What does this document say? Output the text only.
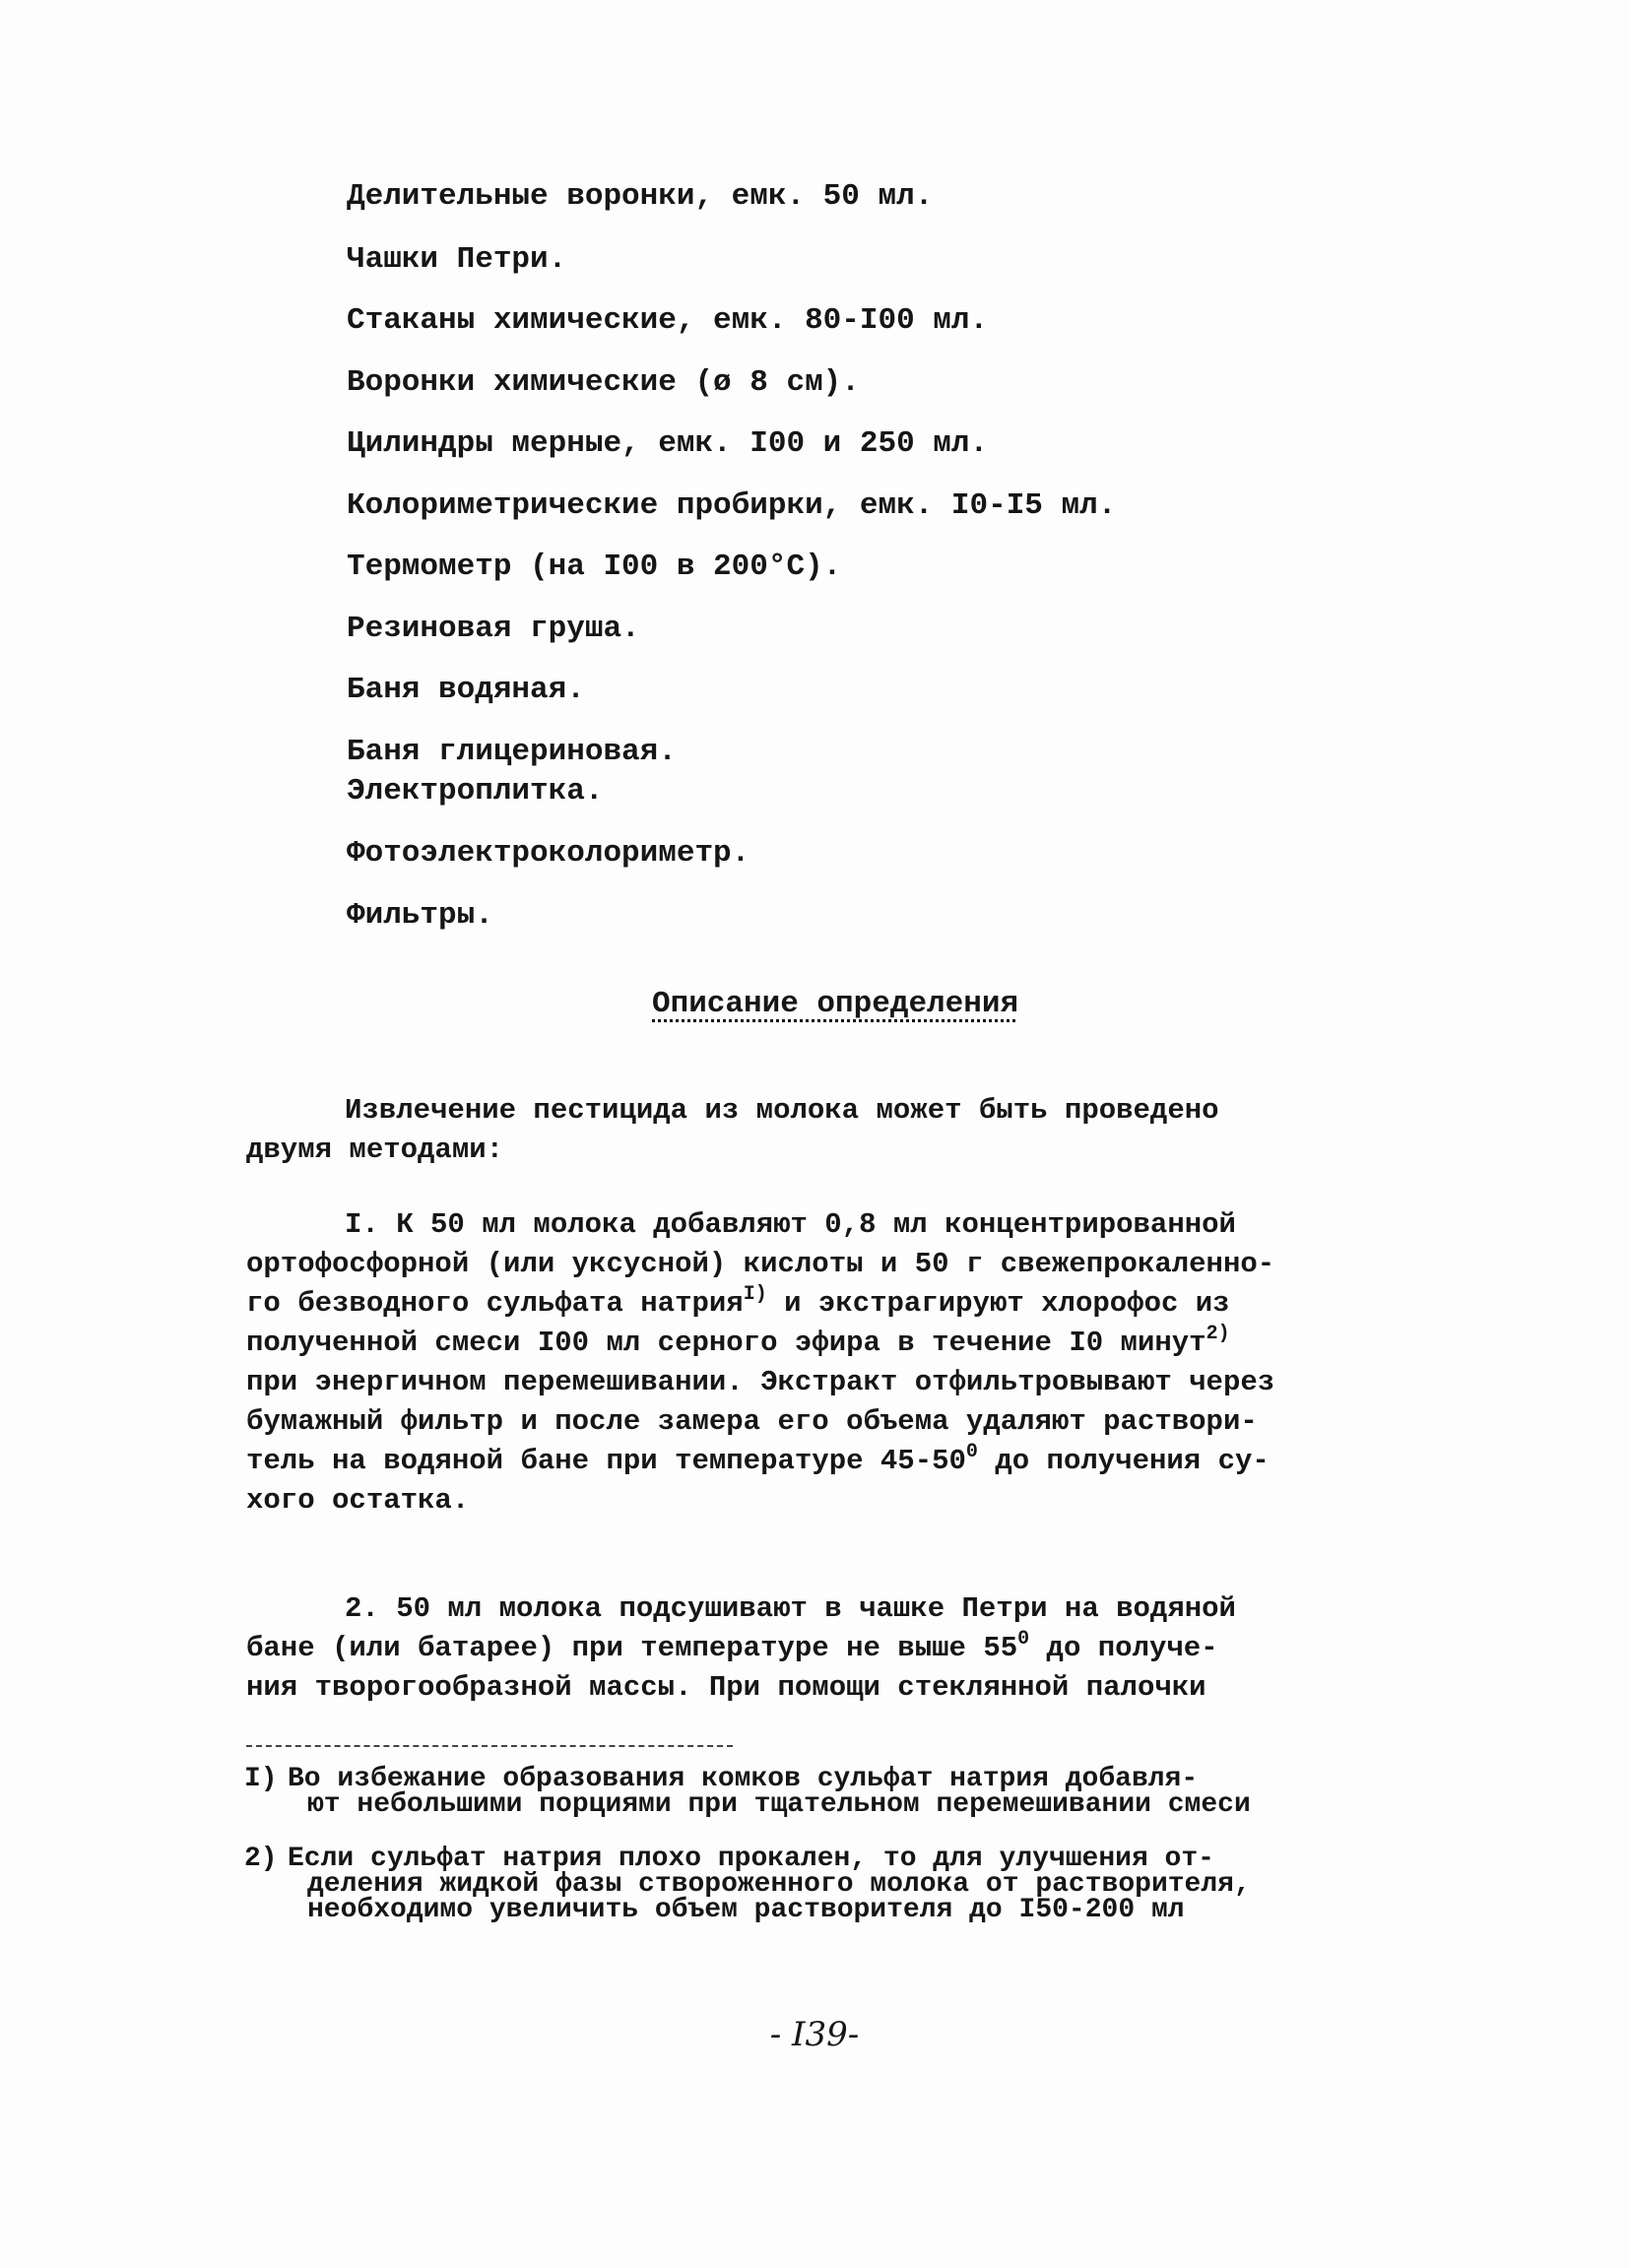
Делительные воронки, емк. 50 мл.
Чашки Петри.
Стаканы химические, емк. 80-I00 мл.
Воронки химические (ø 8 см).
Цилиндры мерные, емк. I00 и 250 мл.
Колориметрические пробирки, емк. I0-I5 мл.
Термометр (на I00 в 200°С).
Резиновая груша.
Баня водяная.
Баня глицериновая.
Электроплитка.
Фотоэлектроколориметр.
Фильтры.
Описание определения

Извлечение пестицида из молока может быть проведено
двумя методами:

I. К 50 мл молока добавляют 0,8 мл концентрированной
ортофосфорной (или уксусной) кислоты и 50 г свежепрокаленно-
го безводного сульфата натрия$^{I)}$ и экстрагируют хлорофос из
полученной смеси I00 мл серного эфира в течение I0 минут$^{2)}$
при энергичном перемешивании. Экстракт отфильтровывают через
бумажный фильтр и после замера его объема удаляют раствори-
тель на водяной бане при температуре $45-50^0$ до получения су-
хого остатка.

2. 50 мл молока подсушивают в чашке Петри на водяной
бане (или батарее) при температуре не выше $55^0$ до получе-
ния творогообразной массы. При помощи стеклянной палочки

I) Во избежание образования комков сульфат натрия добавля-
ют небольшими порциями при тщательном перемешивании смеси

2) Если сульфат натрия плохо прокален, то для улучшения от-
деления жидкой фазы створоженного молока от растворителя,
необходимо увеличить объем растворителя до I50-200 мл

- I39-
